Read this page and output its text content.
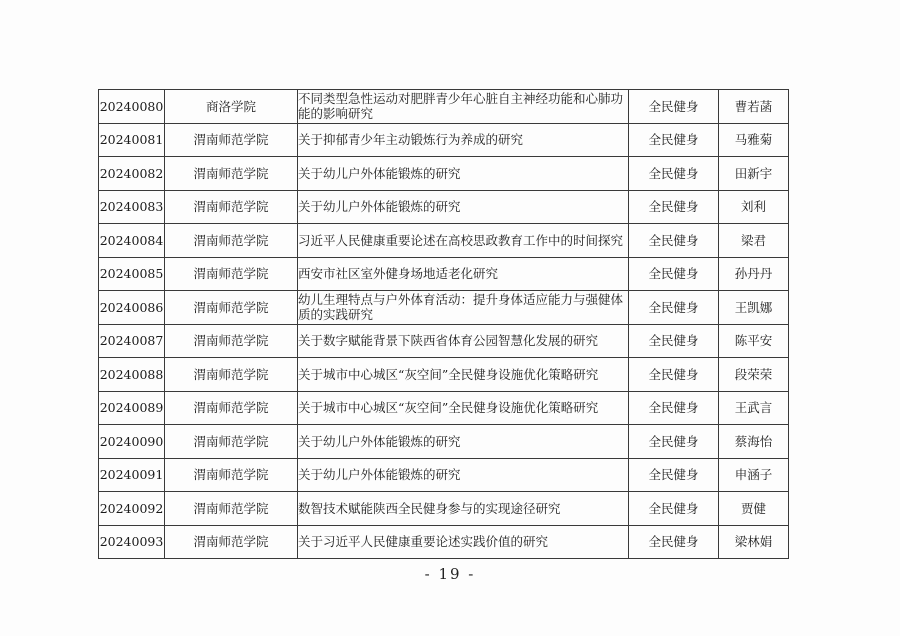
20240080	商洛学院	不同类型急性运动对肥胖青少年心脏自主神经功能和心肺功能的影响研究	全民健身	曹若菡
20240081	渭南师范学院	关于抑郁青少年主动锻炼行为养成的研究	全民健身	马雅菊
20240082	渭南师范学院	关于幼儿户外体能锻炼的研究	全民健身	田新宇
20240083	渭南师范学院	关于幼儿户外体能锻炼的研究	全民健身	刘利
20240084	渭南师范学院	习近平人民健康重要论述在高校思政教育工作中的时间探究	全民健身	梁君
20240085	渭南师范学院	西安市社区室外健身场地适老化研究	全民健身	孙丹丹
20240086	渭南师范学院	幼儿生理特点与户外体育活动：提升身体适应能力与强健体质的实践研究	全民健身	王凯娜
20240087	渭南师范学院	关于数字赋能背景下陕西省体育公园智慧化发展的研究	全民健身	陈平安
20240088	渭南师范学院	关于城市中心城区“灰空间”全民健身设施优化策略研究	全民健身	段荣荣
20240089	渭南师范学院	关于城市中心城区“灰空间”全民健身设施优化策略研究	全民健身	王武言
20240090	渭南师范学院	关于幼儿户外体能锻炼的研究	全民健身	蔡海怡
20240091	渭南师范学院	关于幼儿户外体能锻炼的研究	全民健身	申涵子
20240092	渭南师范学院	数智技术赋能陕西全民健身参与的实现途径研究	全民健身	贾健
20240093	渭南师范学院	关于习近平人民健康重要论述实践价值的研究	全民健身	梁林娟
- 19 -
